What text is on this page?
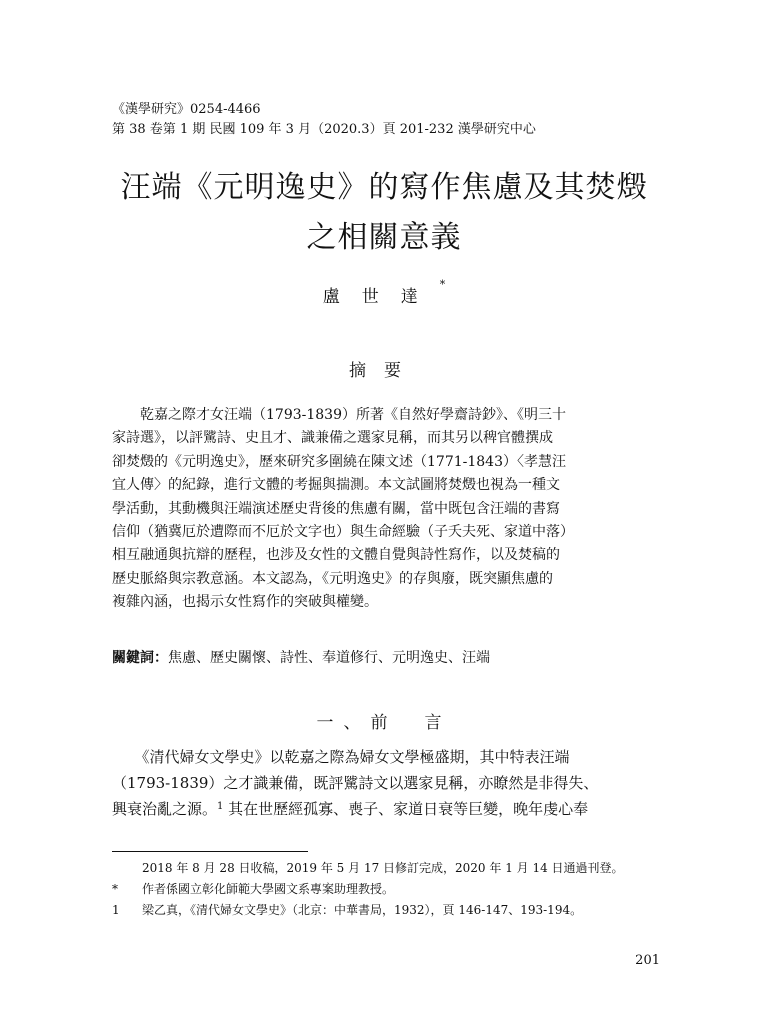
《漢學研究》0254-4466
第 38 卷第 1 期 民國 109 年 3 月（2020.3）頁 201-232 漢學研究中心
汪端《元明逸史》的寫作焦慮及其焚燬
之相關意義
盧世達*
摘要
　　乾嘉之際才女汪端（1793-1839）所著《自然好學齋詩鈔》、《明三十
家詩選》，以評騭詩、史且才、識兼備之選家見稱，而其另以稗官體撰成
卻焚燬的《元明逸史》，歷來研究多圍繞在陳文述（1771-1843）〈孝慧汪
宜人傳〉的紀錄，進行文體的考掘與揣測。本文試圖將焚燬也視為一種文
學活動，其動機與汪端演述歷史背後的焦慮有關，當中既包含汪端的書寫
信仰（猶冀厄於遭際而不厄於文字也）與生命經驗（子夭夫死、家道中落）
相互融通與抗辯的歷程，也涉及女性的文體自覺與詩性寫作，以及焚稿的
歷史脈絡與宗教意涵。本文認為，《元明逸史》的存與廢，既突顯焦慮的
複雜內涵，也揭示女性寫作的突破與權變。
關鍵詞：焦慮、歷史關懷、詩性、奉道修行、元明逸史、汪端
一、前　言
　　《清代婦女文學史》以乾嘉之際為婦女文學極盛期，其中特表汪端
（1793-1839）之才識兼備，既評騭詩文以選家見稱，亦瞭然是非得失、
興衰治亂之源。$^1$ 其在世歷經孤寡、喪子、家道日衰等巨變，晚年虔心奉
2018 年 8 月 28 日收稿，2019 年 5 月 17 日修訂完成，2020 年 1 月 14 日通過刊登。
* 作者係國立彰化師範大學國文系專案助理教授。
1 梁乙真，《清代婦女文學史》（北京：中華書局，1932），頁 146-147、193-194。
201
